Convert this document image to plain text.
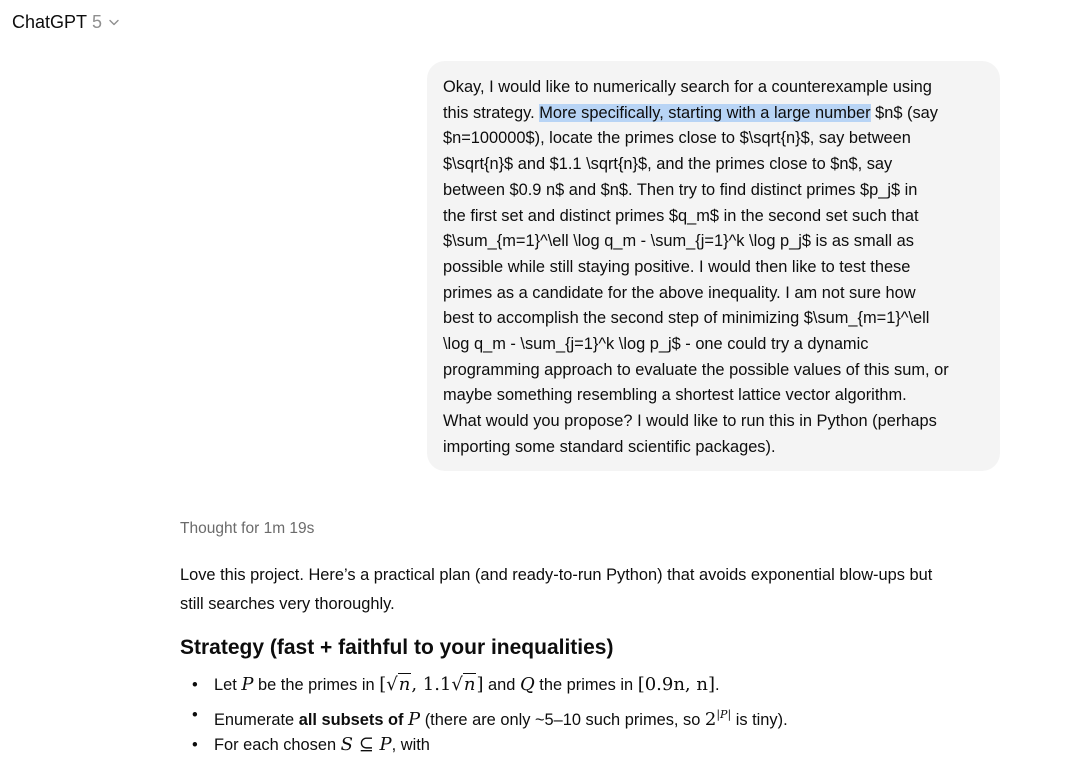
ChatGPT 5
Okay, I would like to numerically search for a counterexample using
this strategy. More specifically, starting with a large number $n$ (say
$n=100000$), locate the primes close to $\sqrt{n}$, say between
$\sqrt{n}$ and $1.1 \sqrt{n}$, and the primes close to $n$, say
between $0.9 n$ and $n$. Then try to find distinct primes $p_j$ in
the first set and distinct primes $q_m$ in the second set such that
$\sum_{m=1}^\ell \log q_m - \sum_{j=1}^k \log p_j$ is as small as
possible while still staying positive. I would then like to test these
primes as a candidate for the above inequality. I am not sure how
best to accomplish the second step of minimizing $\sum_{m=1}^\ell
\log q_m - \sum_{j=1}^k \log p_j$ - one could try a dynamic
programming approach to evaluate the possible values of this sum, or
maybe something resembling a shortest lattice vector algorithm.
What would you propose? I would like to run this in Python (perhaps
importing some standard scientific packages).
Thought for 1m 19s
Love this project. Here’s a practical plan (and ready-to-run Python) that avoids exponential blow-ups but
still searches very thoroughly.
Strategy (fast + faithful to your inequalities)
• Let P be the primes in [√n, 1.1√n] and Q the primes in [0.9n, n].
• Enumerate all subsets of P (there are only ~5–10 such primes, so $2^{|P|}$ is tiny).
• For each chosen S ⊆ P, with
